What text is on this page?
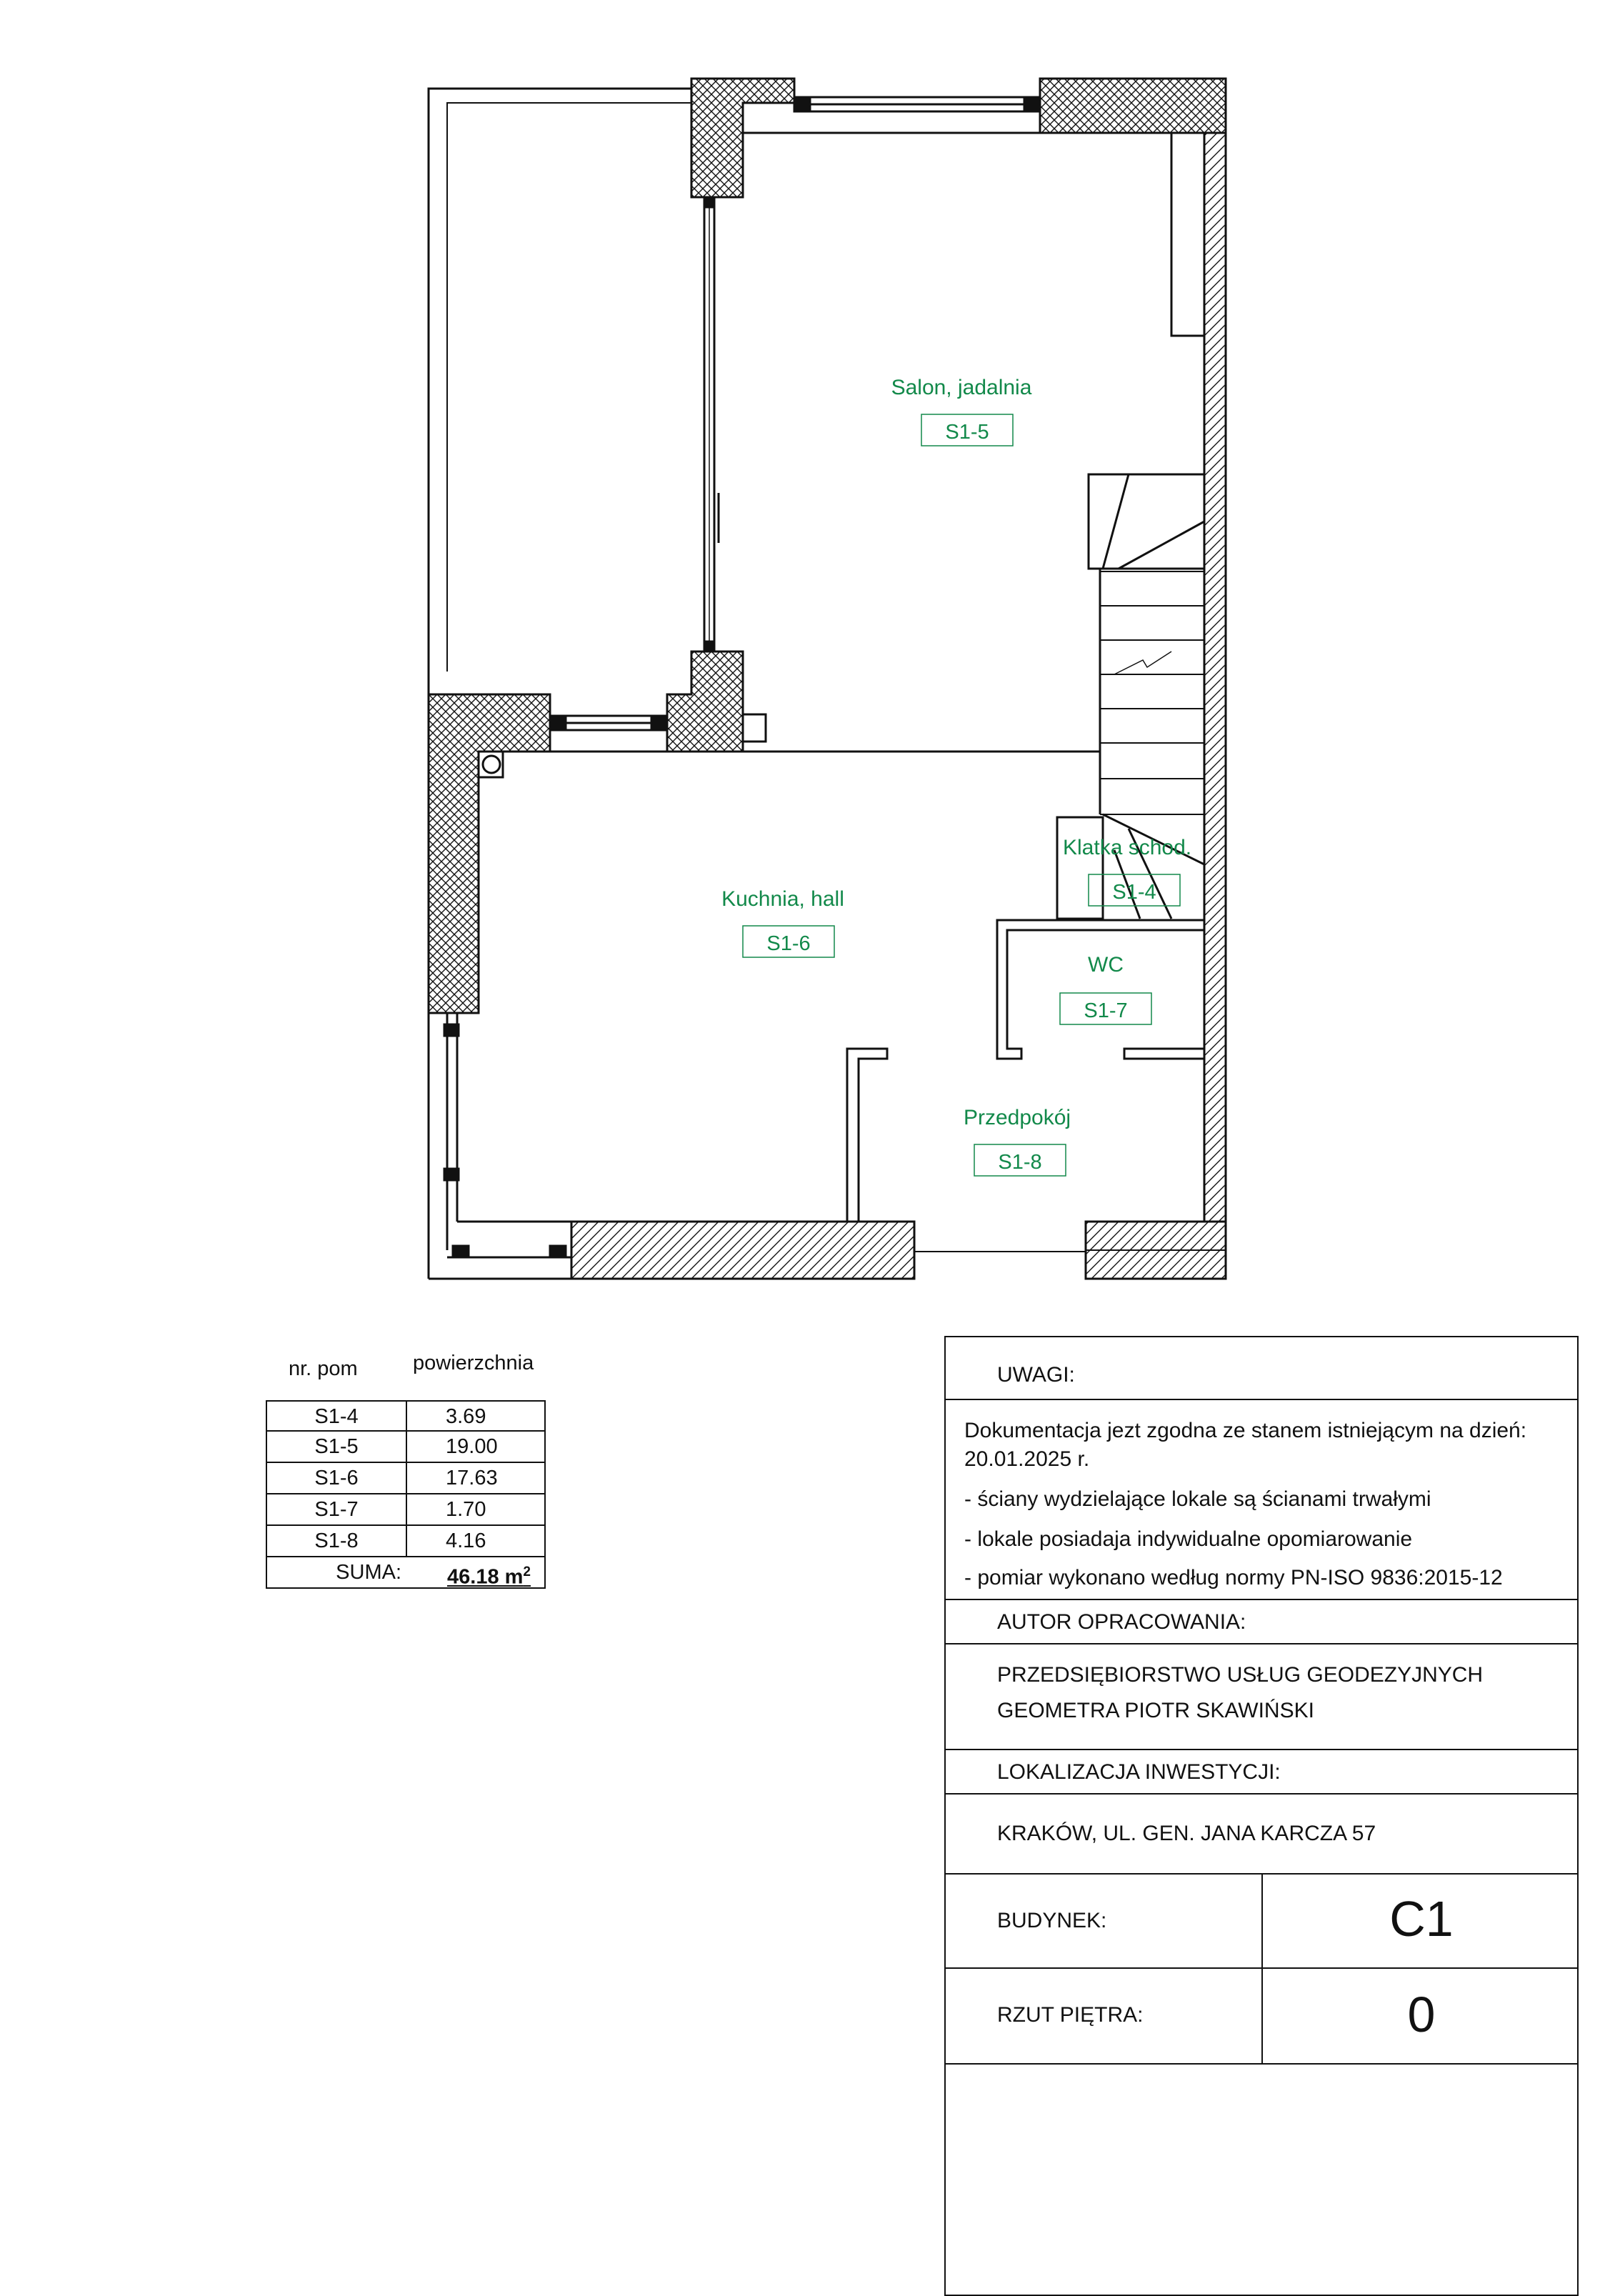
Salon, jadalnia
S1-5
Kuchnia, hall
S1-6
Klatka schod.
S1-4
WC
S1-7
Przedpokój
S1-8
nr. pom	powierzchnia
S1-4	3.69
S1-5	19.00
S1-6	17.63
S1-7	1.70
S1-8	4.16
SUMA: 46.18 $m^2$
UWAGI:
Dokumentacja jezt zgodna ze stanem istniejącym na dzień:
20.01.2025 r.
- ściany wydzielające lokale są ścianami trwałymi
- lokale posiadaja indywidualne opomiarowanie
- pomiar wykonano według normy PN-ISO 9836:2015-12
AUTOR OPRACOWANIA:
PRZEDSIĘBIORSTWO USŁUG GEODEZYJNYCH
GEOMETRA PIOTR SKAWIŃSKI
LOKALIZACJA INWESTYCJI:
KRAKÓW, UL. GEN. JANA KARCZA 57
BUDYNEK:	C1
RZUT PIĘTRA:	0
